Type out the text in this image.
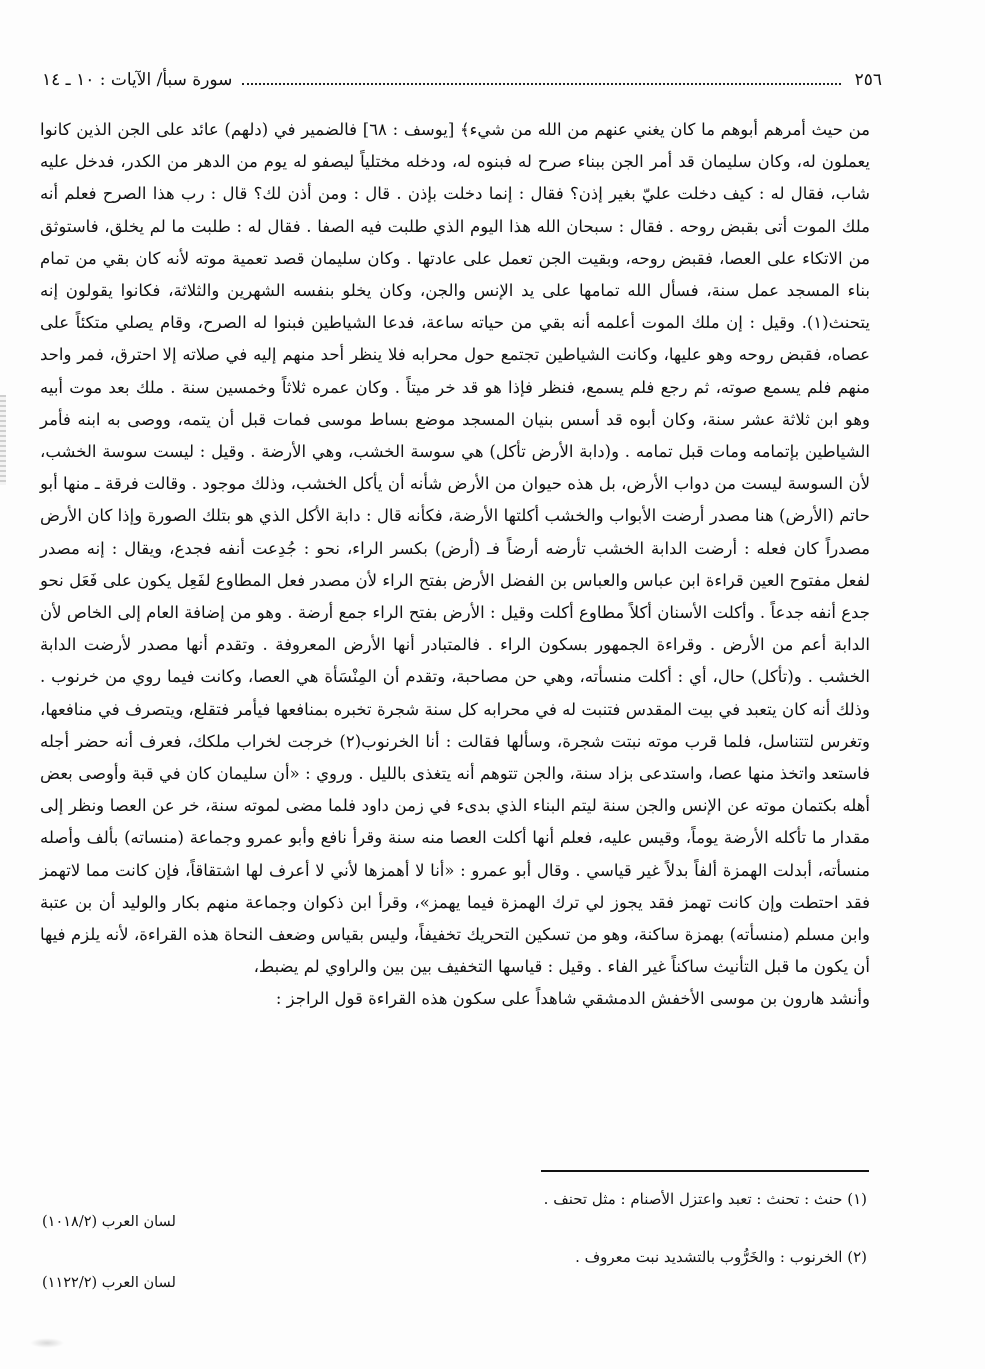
٢٥٦
سورة سبأ/ الآيات : ١٠ ـ ١٤

من حيث أمرهم أبوهم ما كان يغني عنهم من الله من شيء﴾ [يوسف : ٦٨] فالضمير في (دلهم) عائد على الجن الذين كانوا يعملون له، وكان سليمان قد أمر الجن ببناء صرح له فبنوه له، ودخله مختلياً ليصفو له يوم من الدهر من الكدر، فدخل عليه شاب، فقال له : كيف دخلت عليّ بغير إذن؟ فقال : إنما دخلت بإذن . قال : ومن أذن لك؟ قال : رب هذا الصرح فعلم أنه ملك الموت أتى بقبض روحه . فقال : سبحان الله هذا اليوم الذي طلبت فيه الصفا . فقال له : طلبت ما لم يخلق، فاستوثق من الاتكاء على العصا، فقبض روحه، وبقيت الجن تعمل على عادتها . وكان سليمان قصد تعمية موته لأنه كان بقي من تمام بناء المسجد عمل سنة، فسأل الله تمامها على يد الإنس والجن، وكان يخلو بنفسه الشهرين والثلاثة، فكانوا يقولون إنه يتحنث(١). وقيل : إن ملك الموت أعلمه أنه بقي من حياته ساعة، فدعا الشياطين فبنوا له الصرح، وقام يصلي متكئاً على عصاه، فقبض روحه وهو عليها، وكانت الشياطين تجتمع حول محرابه فلا ينظر أحد منهم إليه في صلاته إلا احترق، فمر واحد منهم فلم يسمع صوته، ثم رجع فلم يسمع، فنظر فإذا هو قد خر ميتاً . وكان عمره ثلاثاً وخمسين سنة . ملك بعد موت أبيه وهو ابن ثلاثة عشر سنة، وكان أبوه قد أسس بنيان المسجد موضع بساط موسى فمات قبل أن يتمه، ووصى به ابنه فأمر الشياطين بإتمامه ومات قبل تمامه . و(دابة الأرض تأكل) هي سوسة الخشب، وهي الأرضة . وقيل : ليست سوسة الخشب، لأن السوسة ليست من دواب الأرض، بل هذه حيوان من الأرض شأنه أن يأكل الخشب، وذلك موجود . وقالت فرقة ـ منها أبو حاتم (الأرض) هنا مصدر أرضت الأبواب والخشب أكلتها الأرضة، فكأنه قال : دابة الأكل الذي هو بتلك الصورة وإذا كان الأرض مصدراً كان فعله : أرضت الدابة الخشب تأرضه أرضاً فـ (أرض) بكسر الراء، نحو : جُدِعت أنفه فجدع، ويقال : إنه مصدر لفعل مفتوح العين قراءة ابن عباس والعباس بن الفضل الأرض بفتح الراء لأن مصدر فعل المطاوع لفَعِل يكون على فَعَل نحو جدع أنفه جدعاً . وأكلت الأسنان أكلاً مطاوع أكلت وقيل : الأرض بفتح الراء جمع أرضة . وهو من إضافة العام إلى الخاص لأن الدابة أعم من الأرض . وقراءة الجمهور بسكون الراء . فالمتبادر أنها الأرض المعروفة . وتقدم أنها مصدر لأرضت الدابة الخشب . و(تأكل) حال، أي : أكلت منسأته، وهي حن مصاحبة، وتقدم أن المِنْسَأة هي العصا، وكانت فيما روي من خرنوب . وذلك أنه كان يتعبد في بيت المقدس فتنبت له في محرابه كل سنة شجرة تخبره بمنافعها فيأمر فتقلع، ويتصرف في منافعها، وتغرس لتتناسل، فلما قرب موته نبتت شجرة، وسألها فقالت : أنا الخرنوب(٢) خرجت لخراب ملكك، فعرف أنه حضر أجله فاستعد واتخذ منها عصا، واستدعى بزاد سنة، والجن تتوهم أنه يتغذى بالليل . وروي : «أن سليمان كان في قبة وأوصى بعض أهله بكتمان موته عن الإنس والجن سنة ليتم البناء الذي بدىء في زمن داود فلما مضى لموته سنة، خر عن العصا ونظر إلى مقدار ما تأكله الأرضة يوماً، وقيس عليه، فعلم أنها أكلت العصا منه سنة وقرأ نافع وأبو عمرو وجماعة (منساته) بألف وأصله منسأته، أبدلت الهمزة ألفاً بدلاً غير قياسي . وقال أبو عمرو : «أنا لا أهمزها لأني لا أعرف لها اشتقاقاً، فإن كانت مما لاتهمز فقد احتطت وإن كانت تهمز فقد يجوز لي ترك الهمزة فيما يهمز»، وقرأ ابن ذكوان وجماعة منهم بكار والوليد أن بن عتبة وابن مسلم (منسأته) بهمزة ساكنة، وهو من تسكين التحريك تخفيفاً، وليس بقياس وضعف النحاة هذه القراءة، لأنه يلزم فيها أن يكون ما قبل التأنيث ساكناً غير الفاء . وقيل : قياسها التخفيف بين بين والراوي لم يضبط،

وأنشد هارون بن موسى الأخفش الدمشقي شاهداً على سكون هذه القراءة قول الراجز :

(١) حنث : تحنث : تعبد واعتزل الأصنام : مثل تحنف .
لسان العرب (١٠١٨/٢)
(٢) الخرنوب : والخَرُّوب بالتشديد نبت معروف .
لسان العرب (١١٢٢/٢)
